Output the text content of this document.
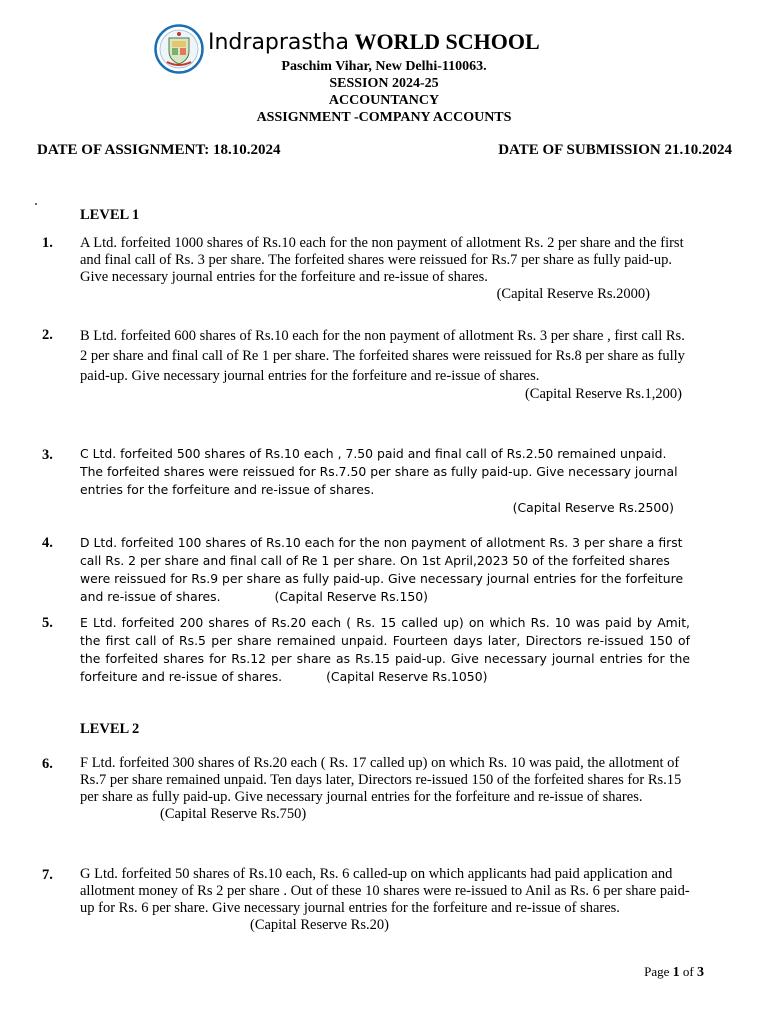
Indraprastha WORLD SCHOOL
Paschim Vihar, New Delhi-110063.
SESSION 2024-25
ACCOUNTANCY
ASSIGNMENT -COMPANY ACCOUNTS
DATE OF ASSIGNMENT: 18.10.2024	DATE OF SUBMISSION 21.10.2024
LEVEL 1
1. A Ltd. forfeited 1000 shares of Rs.10 each for the non payment of allotment Rs. 2 per share and the first and final call of Rs. 3 per share. The forfeited shares were reissued for Rs.7 per share as fully paid-up. Give necessary journal entries for the forfeiture and re-issue of shares.
(Capital Reserve Rs.2000)
2. B Ltd. forfeited 600 shares of Rs.10 each for the non payment of allotment Rs. 3 per share , first call Rs. 2 per share and final call of Re 1 per share. The forfeited shares were reissued for Rs.8 per share as fully paid-up. Give necessary journal entries for the forfeiture and re-issue of shares.
(Capital Reserve Rs.1,200)
3. C Ltd. forfeited 500 shares of Rs.10 each , 7.50 paid and final call of Rs.2.50 remained unpaid. The forfeited shares were reissued for Rs.7.50 per share as fully paid-up. Give necessary journal entries for the forfeiture and re-issue of shares.
(Capital Reserve Rs.2500)
4. D Ltd. forfeited 100 shares of Rs.10 each for the non payment of allotment Rs. 3 per share a first call Rs. 2 per share and final call of Re 1 per share. On 1st April,2023 50 of the forfeited shares were reissued for Rs.9 per share as fully paid-up. Give necessary journal entries for the forfeiture and re-issue of shares.	(Capital Reserve Rs.150)
5. E Ltd. forfeited 200 shares of Rs.20 each ( Rs. 15 called up) on which Rs. 10 was paid by Amit, the first call of Rs.5 per share remained unpaid. Fourteen days later, Directors re-issued 150 of the forfeited shares for Rs.12 per share as Rs.15 paid-up. Give necessary journal entries for the forfeiture and re-issue of shares.	(Capital Reserve Rs.1050)
LEVEL 2
6. F Ltd. forfeited 300 shares of Rs.20 each ( Rs. 17 called up) on which Rs. 10 was paid, the allotment of Rs.7 per share remained unpaid. Ten days later, Directors re-issued 150 of the forfeited shares for Rs.15 per share as fully paid-up. Give necessary journal entries for the forfeiture and re-issue of shares. (Capital Reserve Rs.750)
7. G Ltd. forfeited 50 shares of Rs.10 each, Rs. 6 called-up on which applicants had paid application and allotment money of Rs 2 per share . Out of these 10 shares were re-issued to Anil as Rs. 6 per share paid-up for Rs. 6 per share. Give necessary journal entries for the forfeiture and re-issue of shares. (Capital Reserve Rs.20)
Page 1 of 3
